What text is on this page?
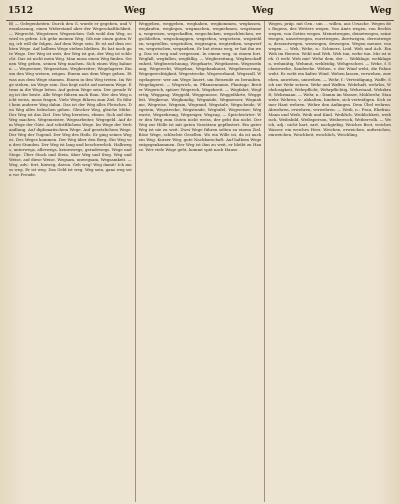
1512	Weg	Weg	Weg

B) — Gelegenheiten: Durch den G. wurde er gegeben, und Veranlassung, einen Widerstand aber der Wegeschaftlichkeit. — Wegrecht, Wegsteuer, Wegzeichen. Geh wohl den Weg, so wird es gehen. Ich gehe meinen Weg. Gib mir einen guten Weg, ich will dir folgen. Auf dem Wege sein. Er ist auf dem rechten Wege. Auf halbem Wege stehen bleiben. Es hat noch gute Wege. Der Weg ist weit, der Weg ist gut, der Weg ist schlecht. Das ist nicht mein Weg. Man muss einen Weg finden. Seinen Weg gehen, seinen Weg machen. Sich einen Weg bahnen. — Wegweiser; Wegzeichen; Wegbereiter; Wegelagerer. Einem den Weg weisen, zeigen. Einem aus dem Wege gehen. Etwas aus dem Wege räumen. Einem in den Weg treten. Im Wege stehen, im Wege sein. Das liegt nicht auf meinem Wege. Etwas in die Wege leiten. Auf gutem Wege sein. Der gerade Weg ist der beste. Alle Wege führen nach Rom. Wer den Weg nicht weiss, muss fragen. Viele Wege führen zum Ziel. Es führt kein anderer Weg dahin. Das ist der Weg alles Fleisches. Den Weg alles Irdischen gehen. Gleicher Weg, gleiche Mühe. Der Weg ist das Ziel. Den Weg bereiten, ebnen. Sich auf den Weg machen. Wegemeister, Wegearbeiter, Wegegeld. Auf dem Wege der Güte. Auf schriftlichem Wege. Im Wege der Verhandlung. Auf diplomatischem Wege. Auf gesetzlichem Wege. Der Weg der Tugend. Der Weg des Heils. Er ging seines Weges. Des Weges kommen. Der Weg über den Berg. Ein Weg von drei Stunden. Der Weg ist lang und beschwerlich. Halbwegs, unterwegs, allerwegs, keineswegs, geradewegs. Wege und Stege. Über Stock und Stein, über Weg und Steg. Weg und Weise, auf diese Weise. Wegsam, unwegsam, Wegsamkeit. — Weg, adv.: fort, hinweg, davon. Geh weg! Weg damit! Ich muss weg. Er ist weg. Das Geld ist weg. Weg sein, ganz weg sein vor Freude.

Weggeben, weggehen, weghaben, wegkommen, weglassen, weglaufen, weglegen, wegmachen, wegnehmen, wegräumen, wegreisen, wegschaffen, wegschicken, wegschleichen, wegschließen, wegschnappen, wegsehen, wegsetzen, wegstehlen, wegstellen, wegstoßen, wegtragen, wegtreiben, wegwerfen, wegwischen, wegziehen. Er hat etwas weg, er hat ihn weg. Das ist weg und vergessen. In einem weg, in einem fort. Wegfall, wegfallen, wegfällig. — Wegbereitung, Wegbeschaffenheit, Wegbezeichnung, Wegekarte, Wegekosten, Wegeordnung, Wegerecht, Wegebau, Wegebaukunst, Wegebesserung, Wegegerechtigkeit, Wegestrecke, Wegeverband, Wegezoll. Wegelagerer: wer am Wege lauert, um Reisende zu berauben. Wegelagerei. — Wegerich, m. Pflanzenname, Plantago. Breiter Wegerich, spitzer Wegerich, Wegebreit. — Wegfahrt, Wegfertig, Weggang, Weggeld, Weggenosse, Weggefährte, Weggeleit. Wegkreuz, Wegkundig, Wegmüde, Wegmesser, Wegnahme, Wegreise, Wegrain, Wegrand, Wegsäule, Wegscheide, Wegstein, Wegstrecke, Wegstunde, Wegtafel, Wegweiser, Wegwarte, Wegzehrung, Wegzeiger, Wegzug. — Sprichwörter: Wer den Weg zum Guten nicht weiss, der geht ihn nicht. Der Weg zur Hölle ist mit guten Vorsätzen gepflastert. Ein guter Weg ist nie zu weit. Zwei Wege führen selten zu einem Ziel. Böse Wege, schlechte Gesellen. Wo ein Wille ist, da ist auch ein Weg. Kurzer Weg, gute Nachbarschaft. Auf halbem Wege entgegenkommen. Der Weg ist ihm zu weit, er bleibt zu Hause. Wer viele Wege geht, kommt spät nach Hause.

Wegen, präp. mit Gen.: um ... willen, aus Ursache. Wegen des Regens, des Wetters wegen. Von Amts wegen, von Rechts wegen, von Gottes wegen. Meinetwegen, deinetwegen, seinetwegen, unsertwegen, euretwegen, ihretwegen, derentwegen, dessentwegen, weswegen, deswegen. Wegen meiner, von wegen. — Weh, Wehe, n.: Schmerz, Leid. Weh und Ach. Ein Weh im Herzen. Wohl und Weh. Weh tun, wehe tun. Mir ist weh. O weh! Weh mir! Wehe dem, der ... Wehklage, wehklagen, wehmütig, Wehmut, wehleidig, Wehgeschrei. — Wehe, f. Schneewehe, Sandwehe. Wehen, v. der Wind weht, die Fahne weht. Es weht ein kalter Wind. Wehen lassen, verwehen, zuwehen, anwehen, umwehen. — Wehr, f.: Verteidigung, Waffe. Sich zur Wehr setzen. Wehr und Waffen. Wehrhaft, wehrlos, Wehrlosigkeit, Wehrpflicht, Wehrpflichtig, Wehrstand, Wehrkraft, Wehrmann. — Wehr, n.: Damm im Wasser, Mühlwehr, Stauwehr. Wehren, v.: abhalten, hindern, sich verteidigen. Sich seiner Haut wehren. Wehre den Anfängen. Dem Übel wehren. Abwehren, erwehren, verwehren. — Weib, n.: Frau, Ehefrau. Mann und Weib. Weib und Kind. Weiblich, Weiblichkeit, weibisch, Weibsbild, Weibsperson, Weiberrock, Weibervolk. — Weich, adj.: nicht hart, zart, nachgiebig. Weiches Brot, weiches Wasser, ein weiches Herz. Weichen, erweichen, aufweichen, einweichen, Weichheit, weichlich, Weichling.
